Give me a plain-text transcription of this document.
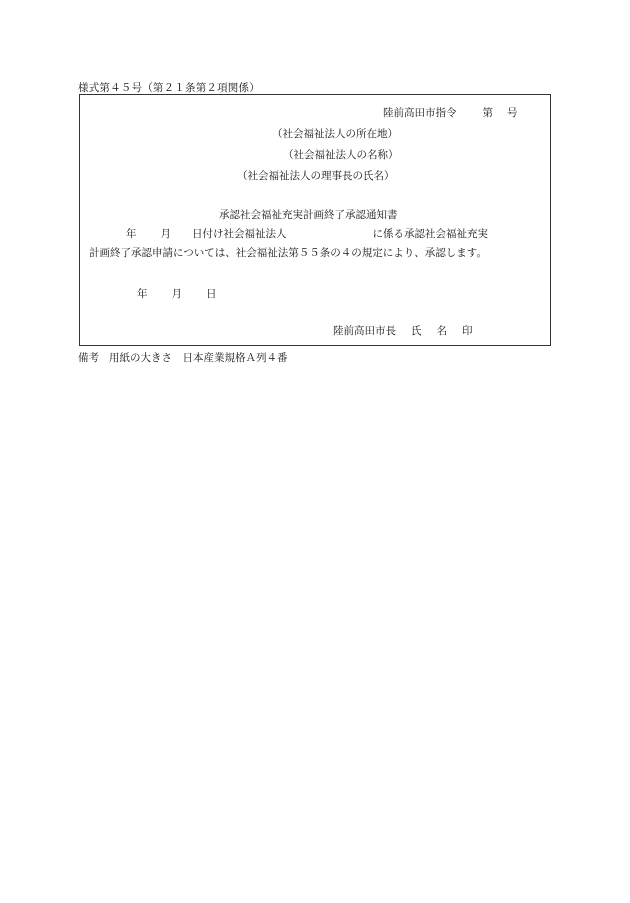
様式第４５号（第２１条第２項関係）
陸前高田市指令 第 号
（社会福祉法人の所在地）
（社会福祉法人の名称）
（社会福祉法人の理事長の氏名）
承認社会福祉充実計画終了承認通知書
年 月 日付け社会福祉法人	に係る承認社会福祉充実
計画終了承認申請については、社会福祉法第５５条の４の規定により、承認します。
年 月 日
陸前高田市長 氏 名 印
備考 用紙の大きさ　日本産業規格Ａ列４番
